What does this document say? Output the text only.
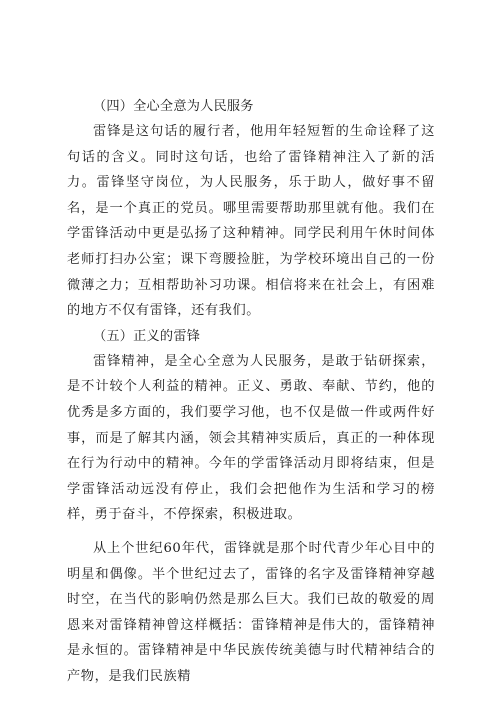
（四）全心全意为人民服务

雷锋是这句话的履行者，他用年轻短暂的生命诠释了这句话的含义。同时这句话，也给了雷锋精神注入了新的活力。雷锋坚守岗位，为人民服务，乐于助人，做好事不留名，是一个真正的党员。哪里需要帮助那里就有他。我们在学雷锋活动中更是弘扬了这种精神。同学民利用午休时间体老师打扫办公室；课下弯腰捡脏，为学校环境出自己的一份微薄之力；互相帮助补习功课。相信将来在社会上，有困难的地方不仅有雷锋，还有我们。

（五）正义的雷锋

雷锋精神，是全心全意为人民服务，是敢于钻研探索，是不计较个人利益的精神。正义、勇敢、奉献、节约，他的优秀是多方面的，我们要学习他，也不仅是做一件或两件好事，而是了解其内涵，领会其精神实质后，真正的一种体现在行为行动中的精神。今年的学雷锋活动月即将结束，但是学雷锋活动远没有停止，我们会把他作为生活和学习的榜样，勇于奋斗，不停探索，积极进取。

从上个世纪60年代，雷锋就是那个时代青少年心目中的明星和偶像。半个世纪过去了，雷锋的名字及雷锋精神穿越时空，在当代的影响仍然是那么巨大。我们已故的敬爱的周恩来对雷锋精神曾这样概括：雷锋精神是伟大的，雷锋精神是永恒的。雷锋精神是中华民族传统美德与时代精神结合的产物，是我们民族精
